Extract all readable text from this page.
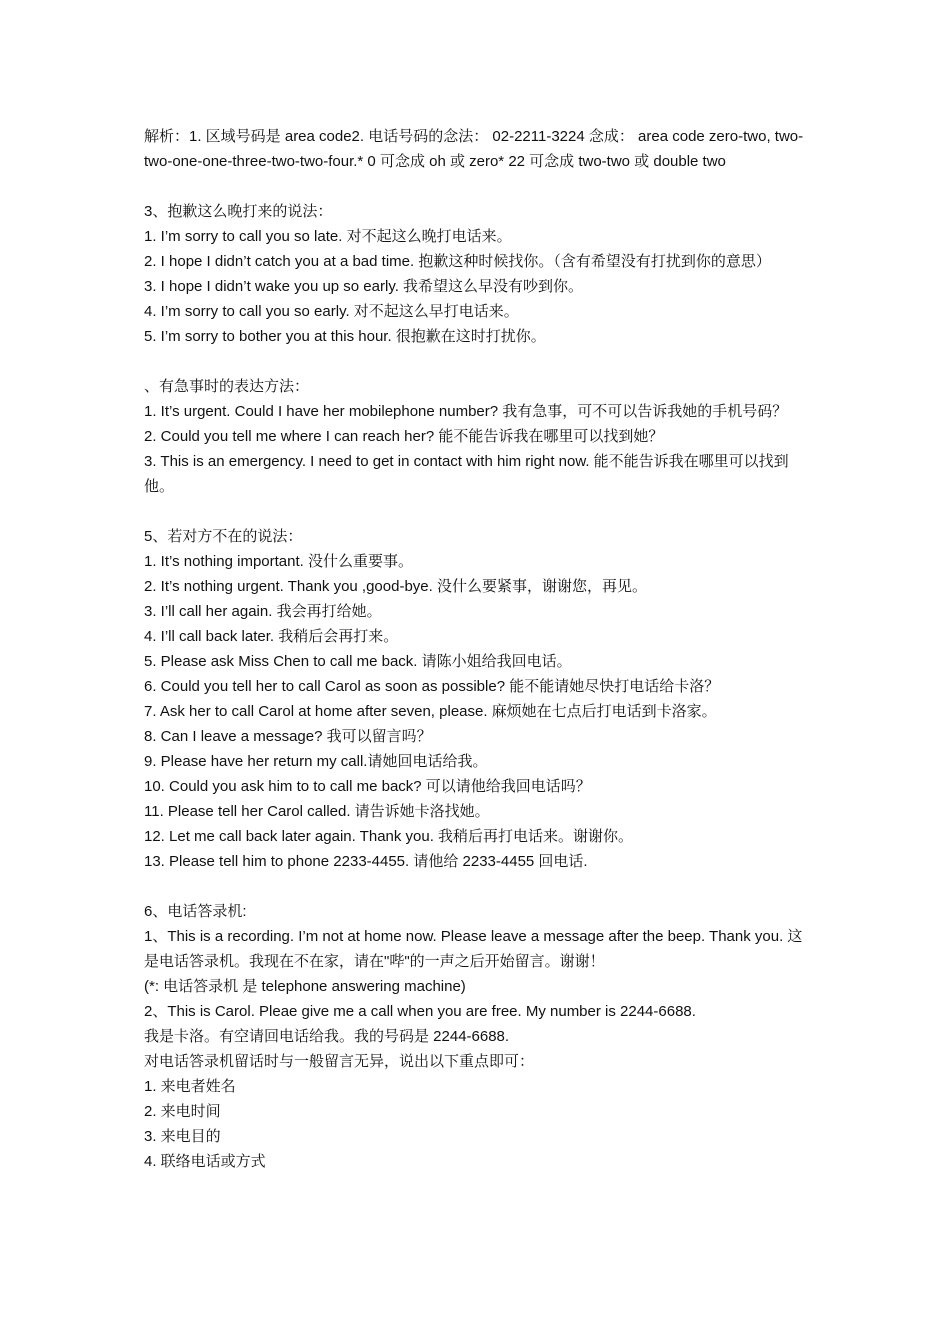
解析：1. 区域号码是 area code2. 电话号码的念法： 02-2211-3224 念成： area code zero-two, two-two-one-one-three-two-two-four.* 0 可念成 oh 或 zero* 22 可念成 two-two 或 double two

3、抱歉这么晚打来的说法：

1. I’m sorry to call you so late. 对不起这么晚打电话来。

2. I hope I didn’t catch you at a bad time. 抱歉这种时候找你。（含有希望没有打扰到你的意思）

3. I hope I didn’t wake you up so early. 我希望这么早没有吵到你。

4. I’m sorry to call you so early. 对不起这么早打电话来。

5. I’m sorry to bother you at this hour. 很抱歉在这时打扰你。

、有急事时的表达方法：

1. It’s urgent. Could I have her mobilephone number? 我有急事，可不可以告诉我她的手机号码？

2. Could you tell me where I can reach her? 能不能告诉我在哪里可以找到她？

3. This is an emergency. I need to get in contact with him right now. 能不能告诉我在哪里可以找到他。

5、若对方不在的说法：

1. It’s nothing important. 没什么重要事。

2. It’s nothing urgent. Thank you ,good-bye. 没什么要紧事，谢谢您，再见。

3. I’ll call her again. 我会再打给她。

4. I’ll call back later. 我稍后会再打来。

5. Please ask Miss Chen to call me back. 请陈小姐给我回电话。

6. Could you tell her to call Carol as soon as possible? 能不能请她尽快打电话给卡洛？

7. Ask her to call Carol at home after seven, please. 麻烦她在七点后打电话到卡洛家。

8. Can I leave a message? 我可以留言吗？

9. Please have her return my call.请她回电话给我。

10. Could you ask him to to call me back? 可以请他给我回电话吗？

11. Please tell her Carol called. 请告诉她卡洛找她。

12. Let me call back later again. Thank you. 我稍后再打电话来。谢谢你。

13. Please tell him to phone 2233-4455. 请他给 2233-4455 回电话.

6、电话答录机:

1、This is a recording. I’m not at home now. Please leave a message after the beep. Thank you. 这是电话答录机。我现在不在家，请在"哔"的一声之后开始留言。谢谢！

(*: 电话答录机 是 telephone answering machine)

2、This is Carol. Pleae give me a call when you are free. My number is 2244-6688.

我是卡洛。有空请回电话给我。我的号码是 2244-6688.

对电话答录机留话时与一般留言无异，说出以下重点即可：

1. 来电者姓名

2. 来电时间

3. 来电目的

4. 联络电话或方式
